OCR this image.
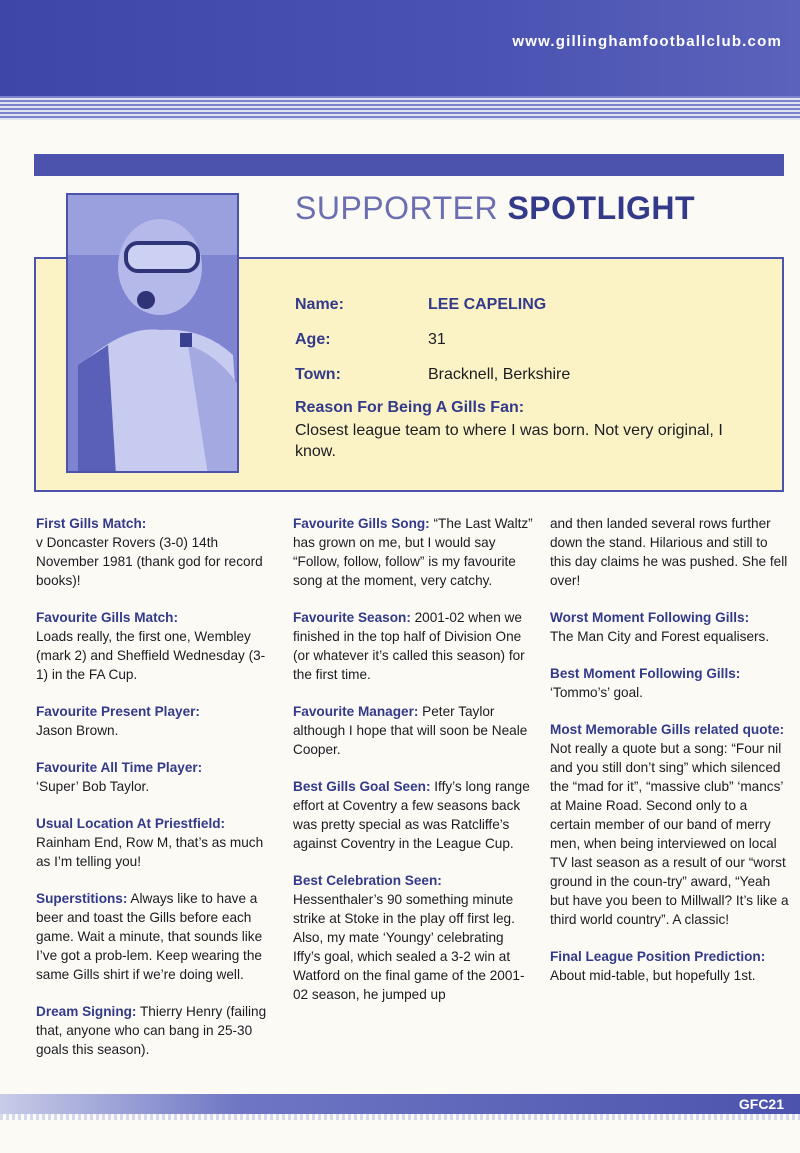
www.gillinghamfootballclub.com
SUPPORTER SPOTLIGHT
Name:	LEE CAPELING
Age:	31
Town:	Bracknell, Berkshire
Reason For Being A Gills Fan:
Closest league team to where I was born. Not very original, I know.
First Gills Match:
v Doncaster Rovers (3-0) 14th November 1981 (thank god for record books)!
Favourite Gills Match:
Loads really, the first one, Wembley (mark 2) and Sheffield Wednesday (3-1) in the FA Cup.
Favourite Present Player:
Jason Brown.
Favourite All Time Player:
‘Super’ Bob Taylor.
Usual Location At Priestfield:
Rainham End, Row M, that’s as much as I’m telling you!
Superstitions: Always like to have a beer and toast the Gills before each game. Wait a minute, that sounds like I’ve got a prob-lem. Keep wearing the same Gills shirt if we’re doing well.
Dream Signing: Thierry Henry (failing that, anyone who can bang in 25-30 goals this season).
Favourite Gills Song: “The Last Waltz” has grown on me, but I would say “Follow, follow, follow” is my favourite song at the moment, very catchy.
Favourite Season: 2001-02 when we finished in the top half of Division One (or whatever it’s called this season) for the first time.
Favourite Manager: Peter Taylor although I hope that will soon be Neale Cooper.
Best Gills Goal Seen: Iffy’s long range effort at Coventry a few seasons back was pretty special as was Ratcliffe’s against Coventry in the League Cup.
Best Celebration Seen:
Hessenthaler’s 90 something minute strike at Stoke in the play off first leg. Also, my mate ‘Youngy’ celebrating Iffy’s goal, which sealed a 3-2 win at Watford on the final game of the 2001-02 season, he jumped up
and then landed several rows further down the stand. Hilarious and still to this day claims he was pushed. She fell over!
Worst Moment Following Gills:
The Man City and Forest equalisers.
Best Moment Following Gills:
‘Tommo’s’ goal.
Most Memorable Gills related quote:
Not really a quote but a song: “Four nil and you still don’t sing” which silenced the “mad for it”, “massive club” ‘mancs’ at Maine Road. Second only to a certain member of our band of merry men, when being interviewed on local TV last season as a result of our “worst ground in the coun-try” award, “Yeah but have you been to Millwall? It’s like a third world country”. A classic!
Final League Position Prediction:
About mid-table, but hopefully 1st.
GFC21
